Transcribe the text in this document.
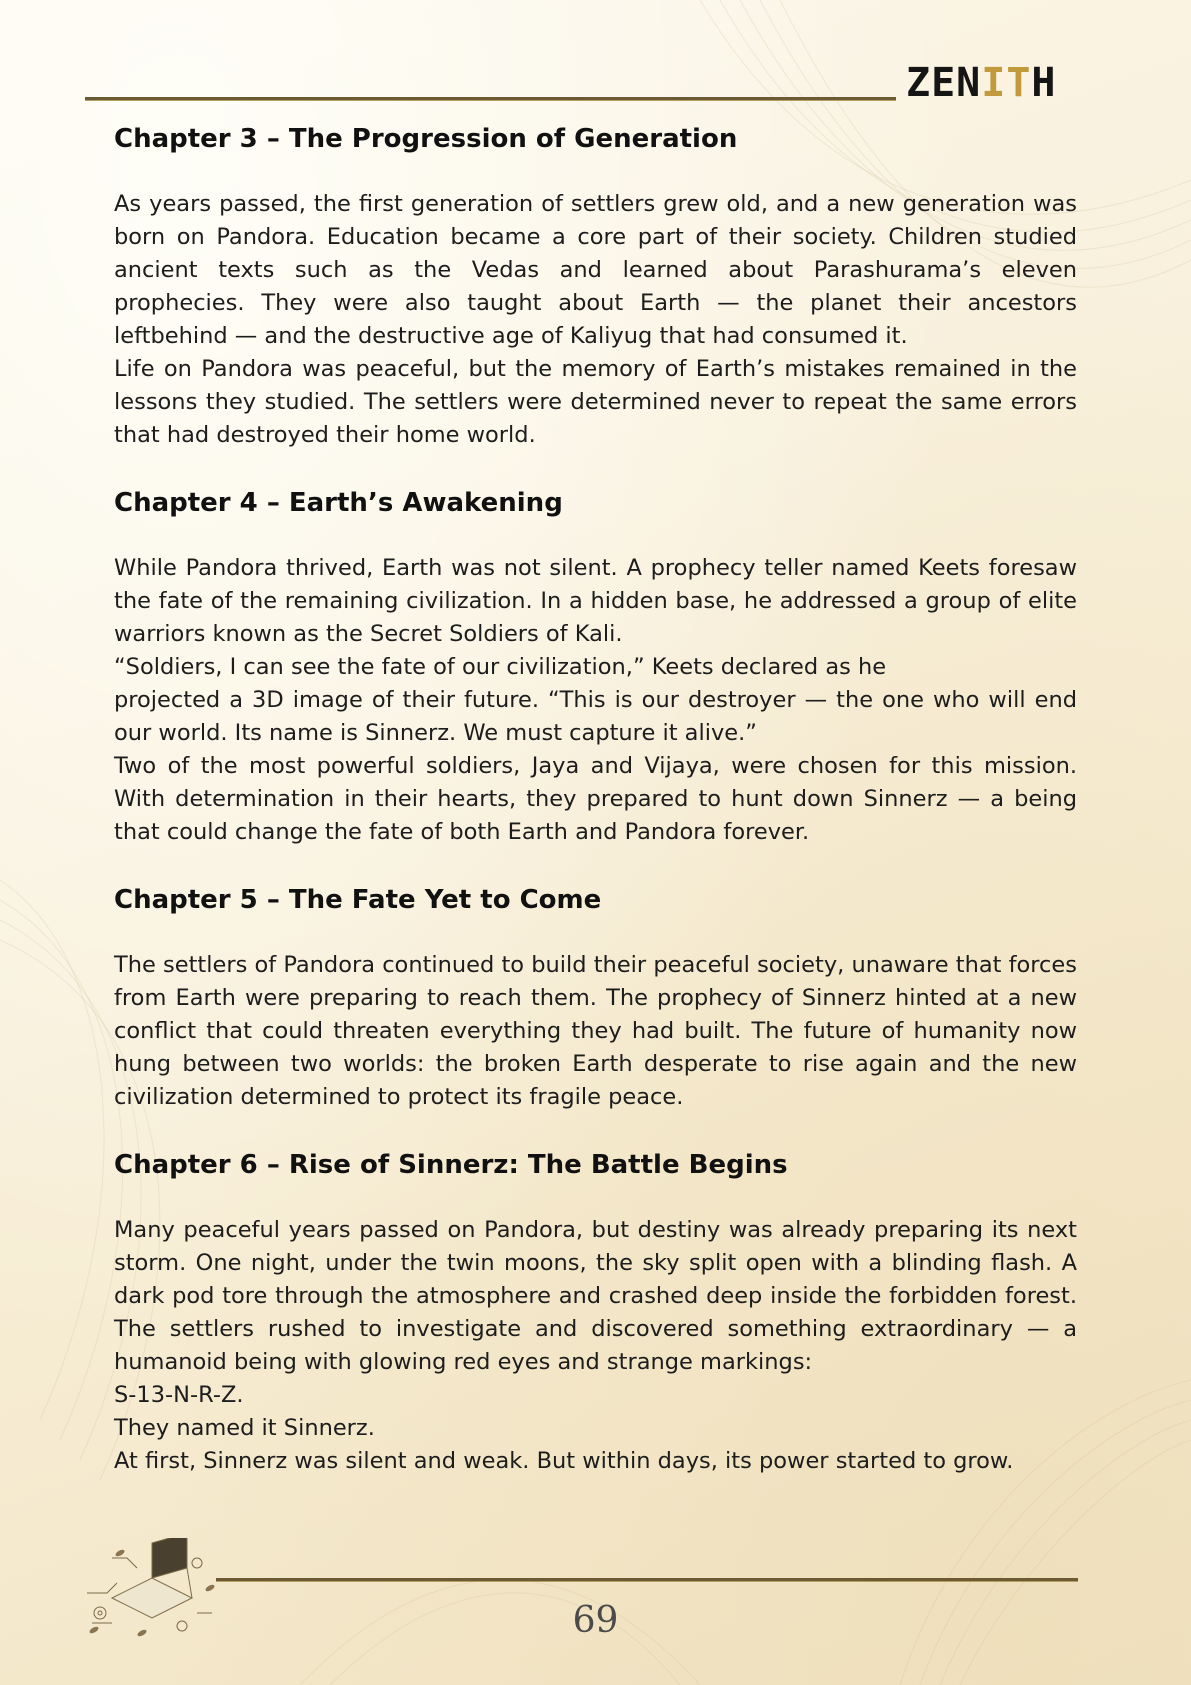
ZENITH
Chapter 3 – The Progression of Generation

As years passed, the first generation of settlers grew old, and a new generation was born on Pandora. Education became a core part of their society. Children studied ancient texts such as the Vedas and learned about Parashurama’s eleven prophecies. They were also taught about Earth — the planet their ancestors leftbehind — and the destructive age of Kaliyug that had consumed it.

Life on Pandora was peaceful, but the memory of Earth’s mistakes remained in the lessons they studied. The settlers were determined never to repeat the same errors that had destroyed their home world.

Chapter 4 – Earth’s Awakening

While Pandora thrived, Earth was not silent. A prophecy teller named Keets foresaw the fate of the remaining civilization. In a hidden base, he addressed a group of elite warriors known as the Secret Soldiers of Kali.

“Soldiers, I can see the fate of our civilization,” Keets declared as he

projected a 3D image of their future. “This is our destroyer — the one who will end our world. Its name is Sinnerz. We must capture it alive.”

Two of the most powerful soldiers, Jaya and Vijaya, were chosen for this mission. With determination in their hearts, they prepared to hunt down Sinnerz — a being that could change the fate of both Earth and Pandora forever.

Chapter 5 – The Fate Yet to Come

The settlers of Pandora continued to build their peaceful society, unaware that forces from Earth were preparing to reach them. The prophecy of Sinnerz hinted at a new conflict that could threaten everything they had built. The future of humanity now hung between two worlds: the broken Earth desperate to rise again and the new civilization determined to protect its fragile peace.

Chapter 6 – Rise of Sinnerz: The Battle Begins

Many peaceful years passed on Pandora, but destiny was already preparing its next storm. One night, under the twin moons, the sky split open with a blinding flash. A dark pod tore through the atmosphere and crashed deep inside the forbidden forest. The settlers rushed to investigate and discovered something extraordinary — a humanoid being with glowing red eyes and strange markings:

S-13-N-R-Z.

They named it Sinnerz.

At first, Sinnerz was silent and weak. But within days, its power started to grow.

69
